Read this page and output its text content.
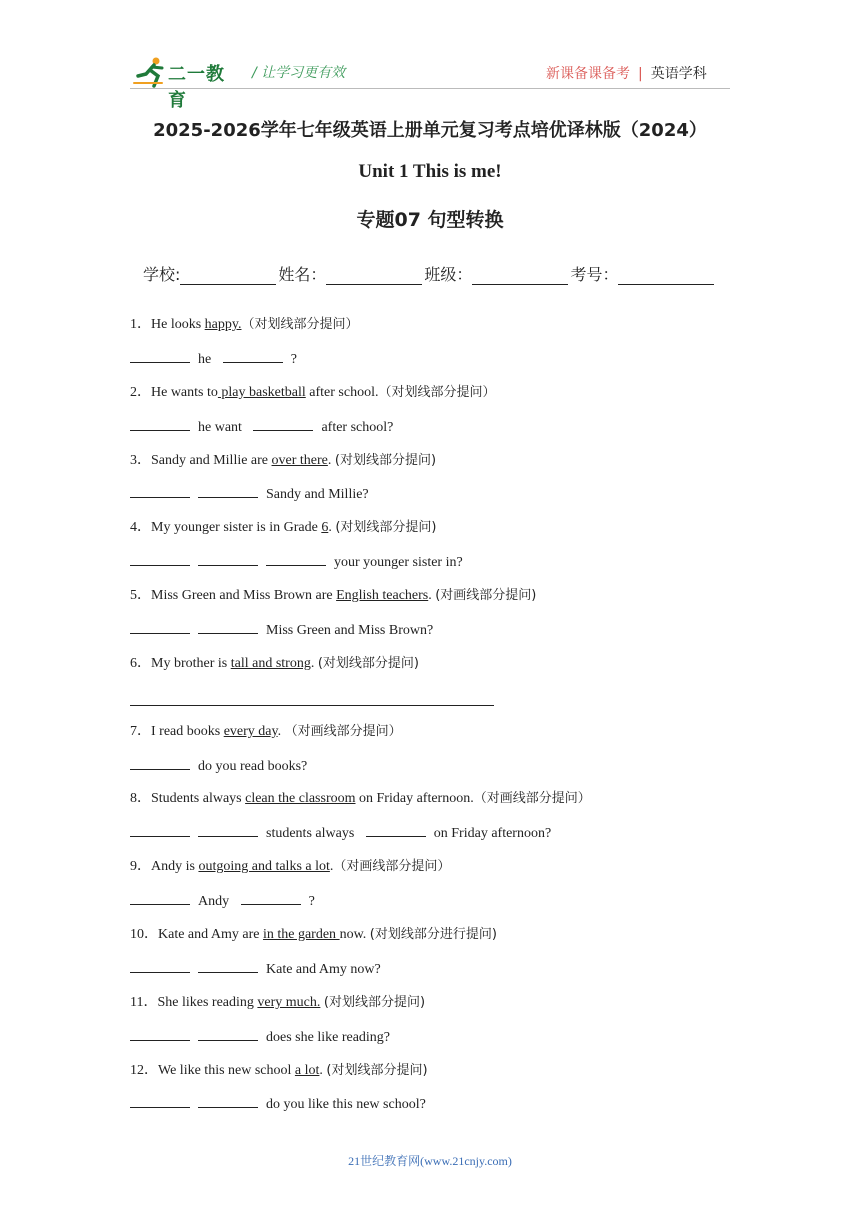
二一教育
/ 让学习更有效	新课备课备考 | 英语学科
2025-2026学年七年级英语上册单元复习考点培优译林版（2024）
Unit 1 This is me!
专题07 句型转换
学校:	姓名：	班级：	考号：
1．He looks happy.（对划线部分提问）
he	?
2．He wants to play basketball after school.（对划线部分提问）
he want	after school?
3．Sandy and Millie are over there. (对划线部分提问)
Sandy and Millie?
4．My younger sister is in Grade 6. (对划线部分提问)
your younger sister in?
5．Miss Green and Miss Brown are English teachers. (对画线部分提问)
Miss Green and Miss Brown?
6．My brother is tall and strong. (对划线部分提问)
7．I read books every day. （对画线部分提问）
do you read books?
8．Students always clean the classroom on Friday afternoon.（对画线部分提问）
students always	on Friday afternoon?
9．Andy is outgoing and talks a lot.（对画线部分提问）
Andy	?
10．Kate and Amy are in the garden now. (对划线部分进行提问)
Kate and Amy now?
11．She likes reading very much. (对划线部分提问)
does she like reading?
12．We like this new school a lot. (对划线部分提问)
do you like this new school?
21世纪教育网(www.21cnjy.com)
